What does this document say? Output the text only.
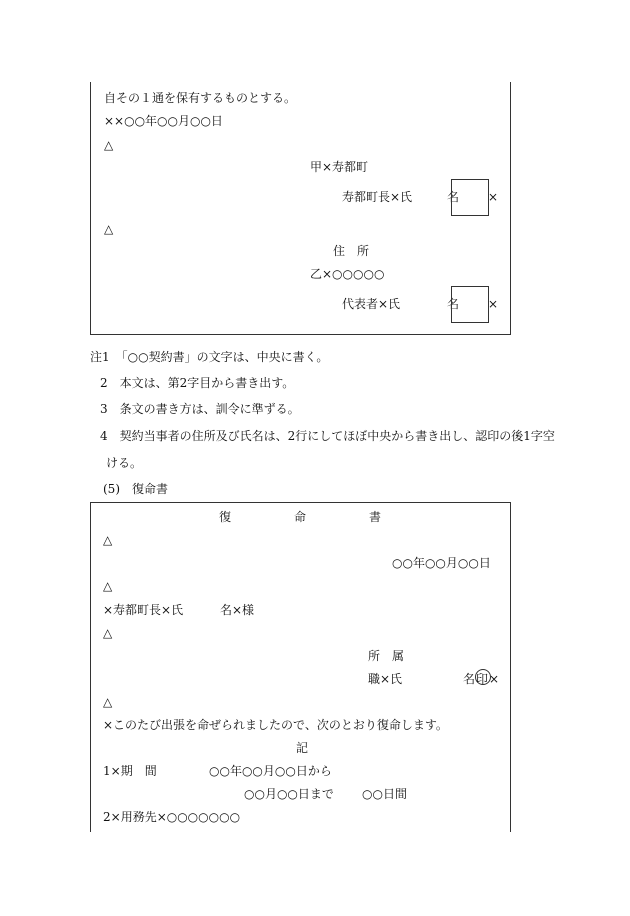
自その１通を保有するものとする。
××○○年○○月○○日
△
甲×寿都町
寿都町長×氏	名 ×
△
住　所
乙×○○○○○
代表者×氏	名 ×
注1　「○○契約書」の文字は、中央に書く。
2　本文は、第2字目から書き出す。
3　条文の書き方は、訓令に準ずる。
4　契約当事者の住所及び氏名は、2行にしてほぼ中央から書き出し、認印の後1字空
ける。
(5)　復命書
復	命	書
△
○○年○○月○○日
△
×寿都町長×氏	名×様
△
所　属
職×氏	名 印 ×
△
×このたび出張を命ぜられましたので、次のとおり復命します。
記
1×期　間	○○年○○月○○日から
○○月○○日まで ○○日間
2×用務先×○○○○○○○
